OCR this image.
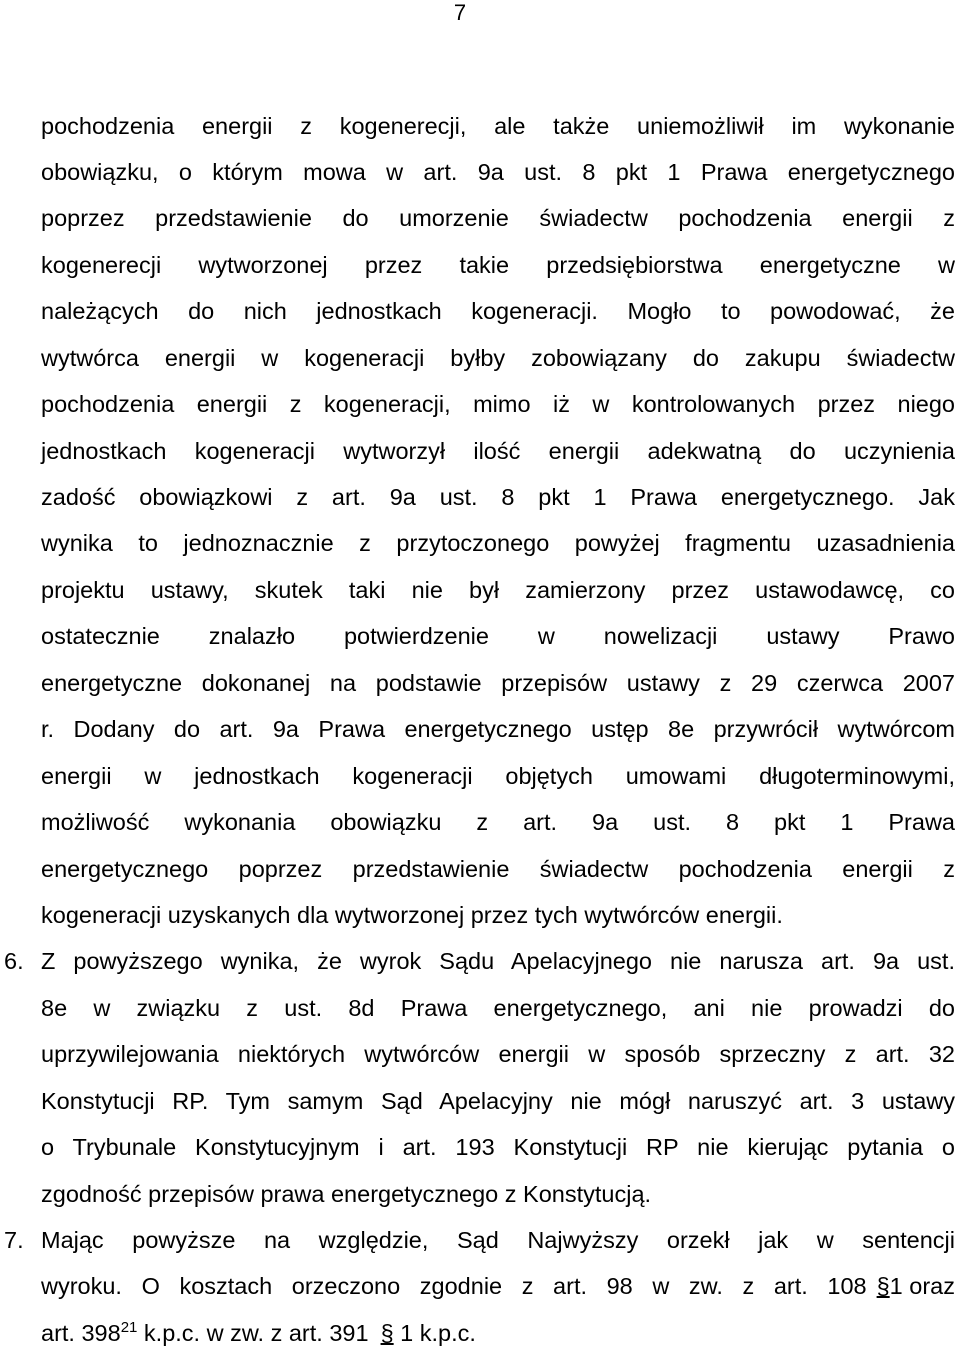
7
pochodzenia energii z kogenerecji, ale także uniemożliwił im wykonanie
obowiązku, o którym mowa w art. 9a ust. 8 pkt 1 Prawa energetycznego
poprzez przedstawienie do umorzenie świadectw pochodzenia energii z
kogenerecji wytworzonej przez takie przedsiębiorstwa energetyczne w
należących do nich jednostkach kogeneracji. Mogło to powodować, że
wytwórca energii w kogeneracji byłby zobowiązany do zakupu świadectw
pochodzenia energii z kogeneracji, mimo iż w kontrolowanych przez niego
jednostkach kogeneracji wytworzył ilość energii adekwatną do uczynienia
zadość obowiązkowi z art. 9a ust. 8 pkt 1 Prawa energetycznego. Jak
wynika to jednoznacznie z przytoczonego powyżej fragmentu uzasadnienia
projektu ustawy, skutek taki nie był zamierzony przez ustawodawcę, co
ostatecznie znalazło potwierdzenie w nowelizacji ustawy Prawo
energetyczne dokonanej na podstawie przepisów ustawy z 29 czerwca 2007
r. Dodany do art. 9a Prawa energetycznego ustęp 8e przywrócił wytwórcom
energii w jednostkach kogeneracji objętych umowami długoterminowymi,
możliwość wykonania obowiązku z art. 9a ust. 8 pkt 1 Prawa
energetycznego poprzez przedstawienie świadectw pochodzenia energii z
kogeneracji uzyskanych dla wytworzonej przez tych wytwórców energii.
6. Z powyższego wynika, że wyrok Sądu Apelacyjnego nie narusza art. 9a ust.
8e w związku z ust. 8d Prawa energetycznego, ani nie prowadzi do
uprzywilejowania niektórych wytwórców energii w sposób sprzeczny z art. 32
Konstytucji RP. Tym samym Sąd Apelacyjny nie mógł naruszyć art. 3 ustawy
o Trybunale Konstytucyjnym i art. 193 Konstytucji RP nie kierując pytania o
zgodność przepisów prawa energetycznego z Konstytucją.
7. Mając powyższe na względzie, Sąd Najwyższy orzekł jak w sentencji
wyroku. O kosztach orzeczono zgodnie z art. 98 w zw. z art. 108 § 1 oraz
art. $398^{21}$ k.p.c. w zw. z art. 391 § 1 k.p.c.
